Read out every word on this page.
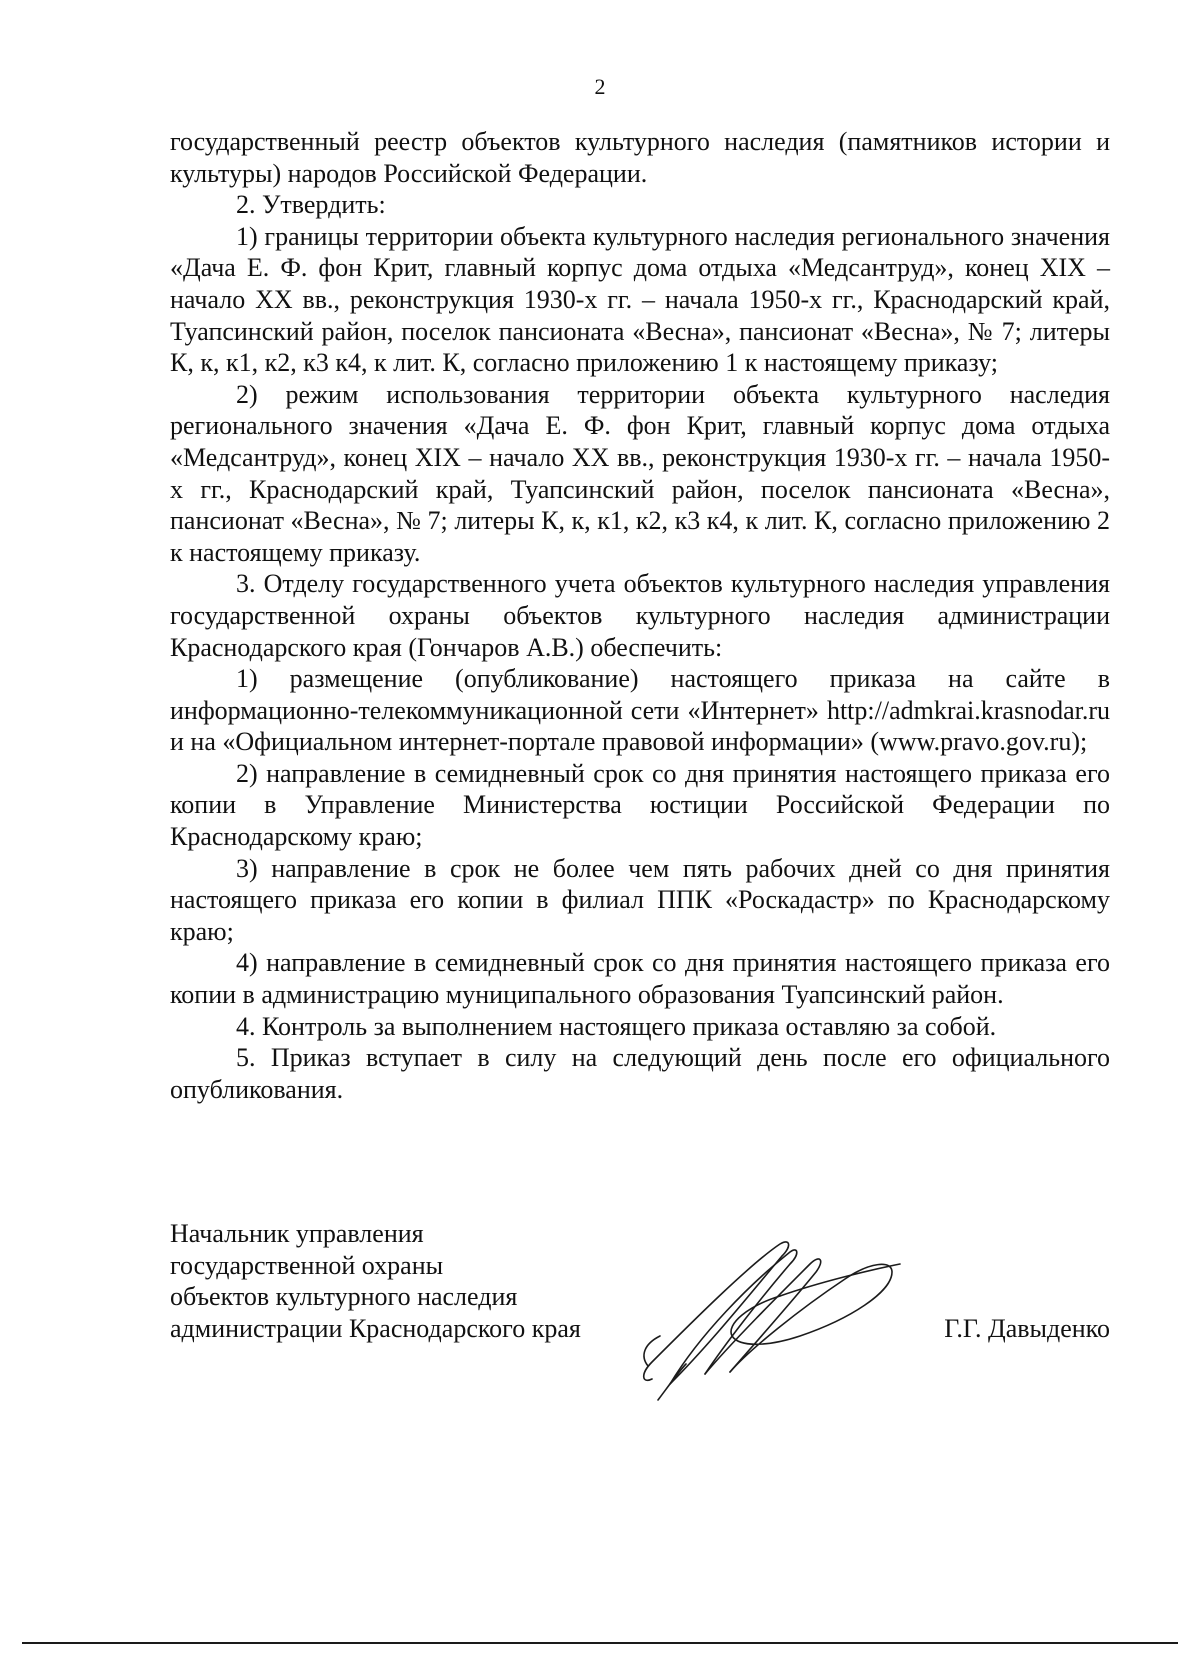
2

государственный реестр объектов культурного наследия (памятников истории и культуры) народов Российской Федерации.

2. Утвердить:

1) границы территории объекта культурного наследия регионального значения «Дача Е. Ф. фон Крит, главный корпус дома отдыха «Медсантруд», конец XIX – начало XX вв., реконструкция 1930-х гг. – начала 1950-х гг., Краснодарский край, Туапсинский район, поселок пансионата «Весна», пансионат «Весна», № 7; литеры К, к, к1, к2, к3 к4, к лит. К, согласно приложению 1 к настоящему приказу;

2) режим использования территории объекта культурного наследия регионального значения «Дача Е. Ф. фон Крит, главный корпус дома отдыха «Медсантруд», конец XIX – начало XX вв., реконструкция 1930-х гг. – начала 1950-х гг., Краснодарский край, Туапсинский район, поселок пансионата «Весна», пансионат «Весна», № 7; литеры К, к, к1, к2, к3 к4, к лит. К, согласно приложению 2 к настоящему приказу.

3. Отделу государственного учета объектов культурного наследия управления государственной охраны объектов культурного наследия администрации Краснодарского края (Гончаров А.В.) обеспечить:

1) размещение (опубликование) настоящего приказа на сайте в информационно-телекоммуникационной сети «Интернет» http://admkrai.krasnodar.ru и на «Официальном интернет-портале правовой информации» (www.pravo.gov.ru);

2) направление в семидневный срок со дня принятия настоящего приказа его копии в Управление Министерства юстиции Российской Федерации по Краснодарскому краю;

3) направление в срок не более чем пять рабочих дней со дня принятия настоящего приказа его копии в филиал ППК «Роскадастр» по Краснодарскому краю;

4) направление в семидневный срок со дня принятия настоящего приказа его копии в администрацию муниципального образования Туапсинский район.

4. Контроль за выполнением настоящего приказа оставляю за собой.

5. Приказ вступает в силу на следующий день после его официального опубликования.

Начальник управления
государственной охраны
объектов культурного наследия
администрации Краснодарского края	Г.Г. Давыденко
